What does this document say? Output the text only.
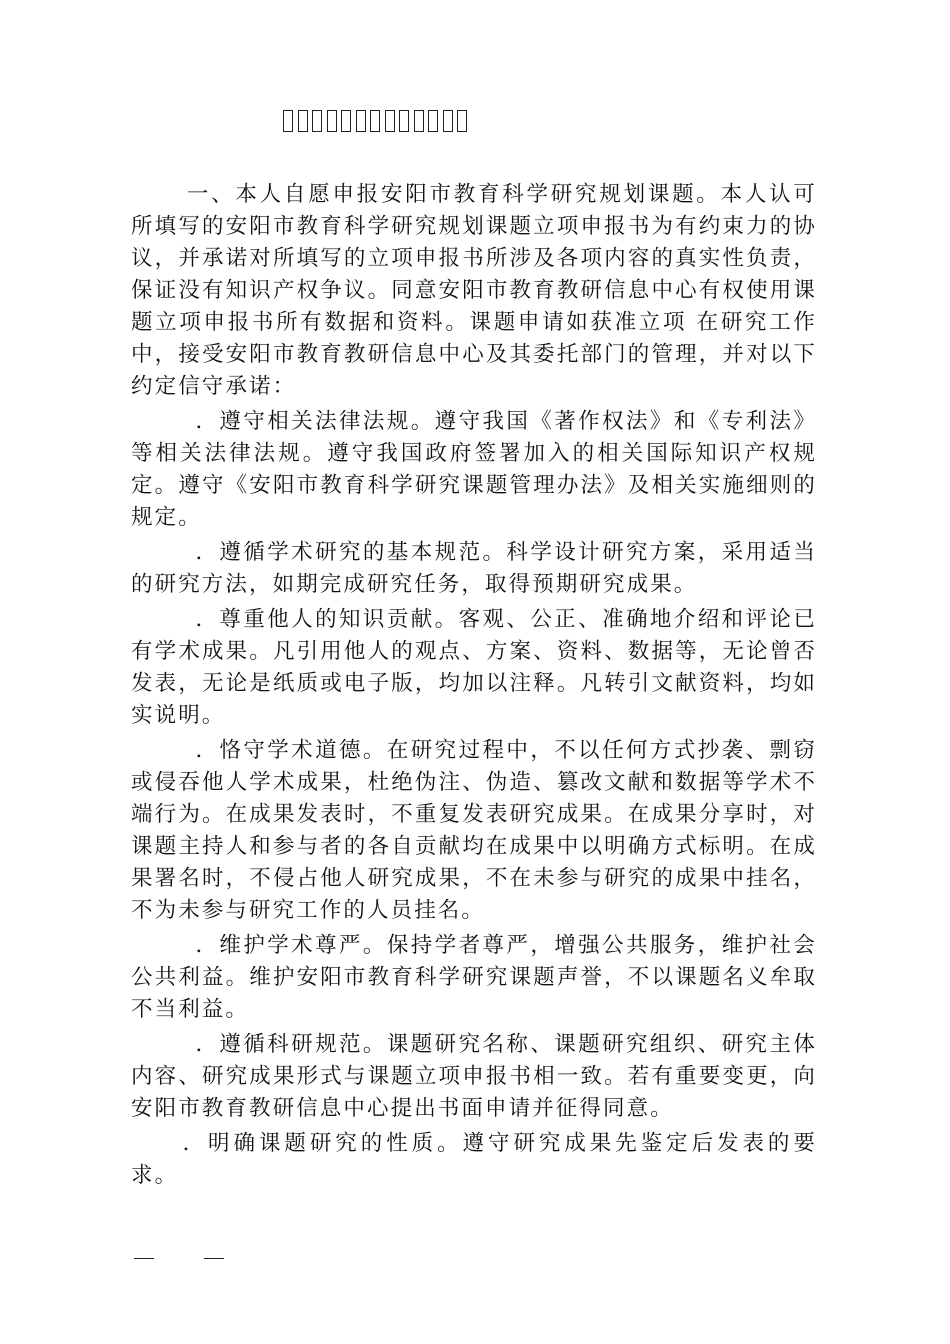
一、本人自愿申报安阳市教育科学研究规划课题。本人认可所填写的安阳市教育科学研究规划课题立项申报书为有约束力的协议，并承诺对所填写的立项申报书所涉及各项内容的真实性负责，保证没有知识产权争议。同意安阳市教育教研信息中心有权使用课题立项申报书所有数据和资料。课题申请如获准立项 在研究工作中，接受安阳市教育教研信息中心及其委托部门的管理，并对以下约定信守承诺：

．遵守相关法律法规。遵守我国《著作权法》和《专利法》等相关法律法规。遵守我国政府签署加入的相关国际知识产权规定。遵守《安阳市教育科学研究课题管理办法》及相关实施细则的规定。

．遵循学术研究的基本规范。科学设计研究方案，采用适当的研究方法，如期完成研究任务，取得预期研究成果。

．尊重他人的知识贡献。客观、公正、准确地介绍和评论已有学术成果。凡引用他人的观点、方案、资料、数据等，无论曾否发表，无论是纸质或电子版，均加以注释。凡转引文献资料，均如实说明。

．恪守学术道德。在研究过程中，不以任何方式抄袭、剽窃或侵吞他人学术成果，杜绝伪注、伪造、篡改文献和数据等学术不端行为。在成果发表时，不重复发表研究成果。在成果分享时，对课题主持人和参与者的各自贡献均在成果中以明确方式标明。在成果署名时，不侵占他人研究成果，不在未参与研究的成果中挂名，不为未参与研究工作的人员挂名。

．维护学术尊严。保持学者尊严，增强公共服务，维护社会公共利益。维护安阳市教育科学研究课题声誉，不以课题名义牟取不当利益。

．遵循科研规范。课题研究名称、课题研究组织、研究主体内容、研究成果形式与课题立项申报书相一致。若有重要变更，向安阳市教育教研信息中心提出书面申请并征得同意。

．明确课题研究的性质。遵守研究成果先鉴定后发表的要求。
